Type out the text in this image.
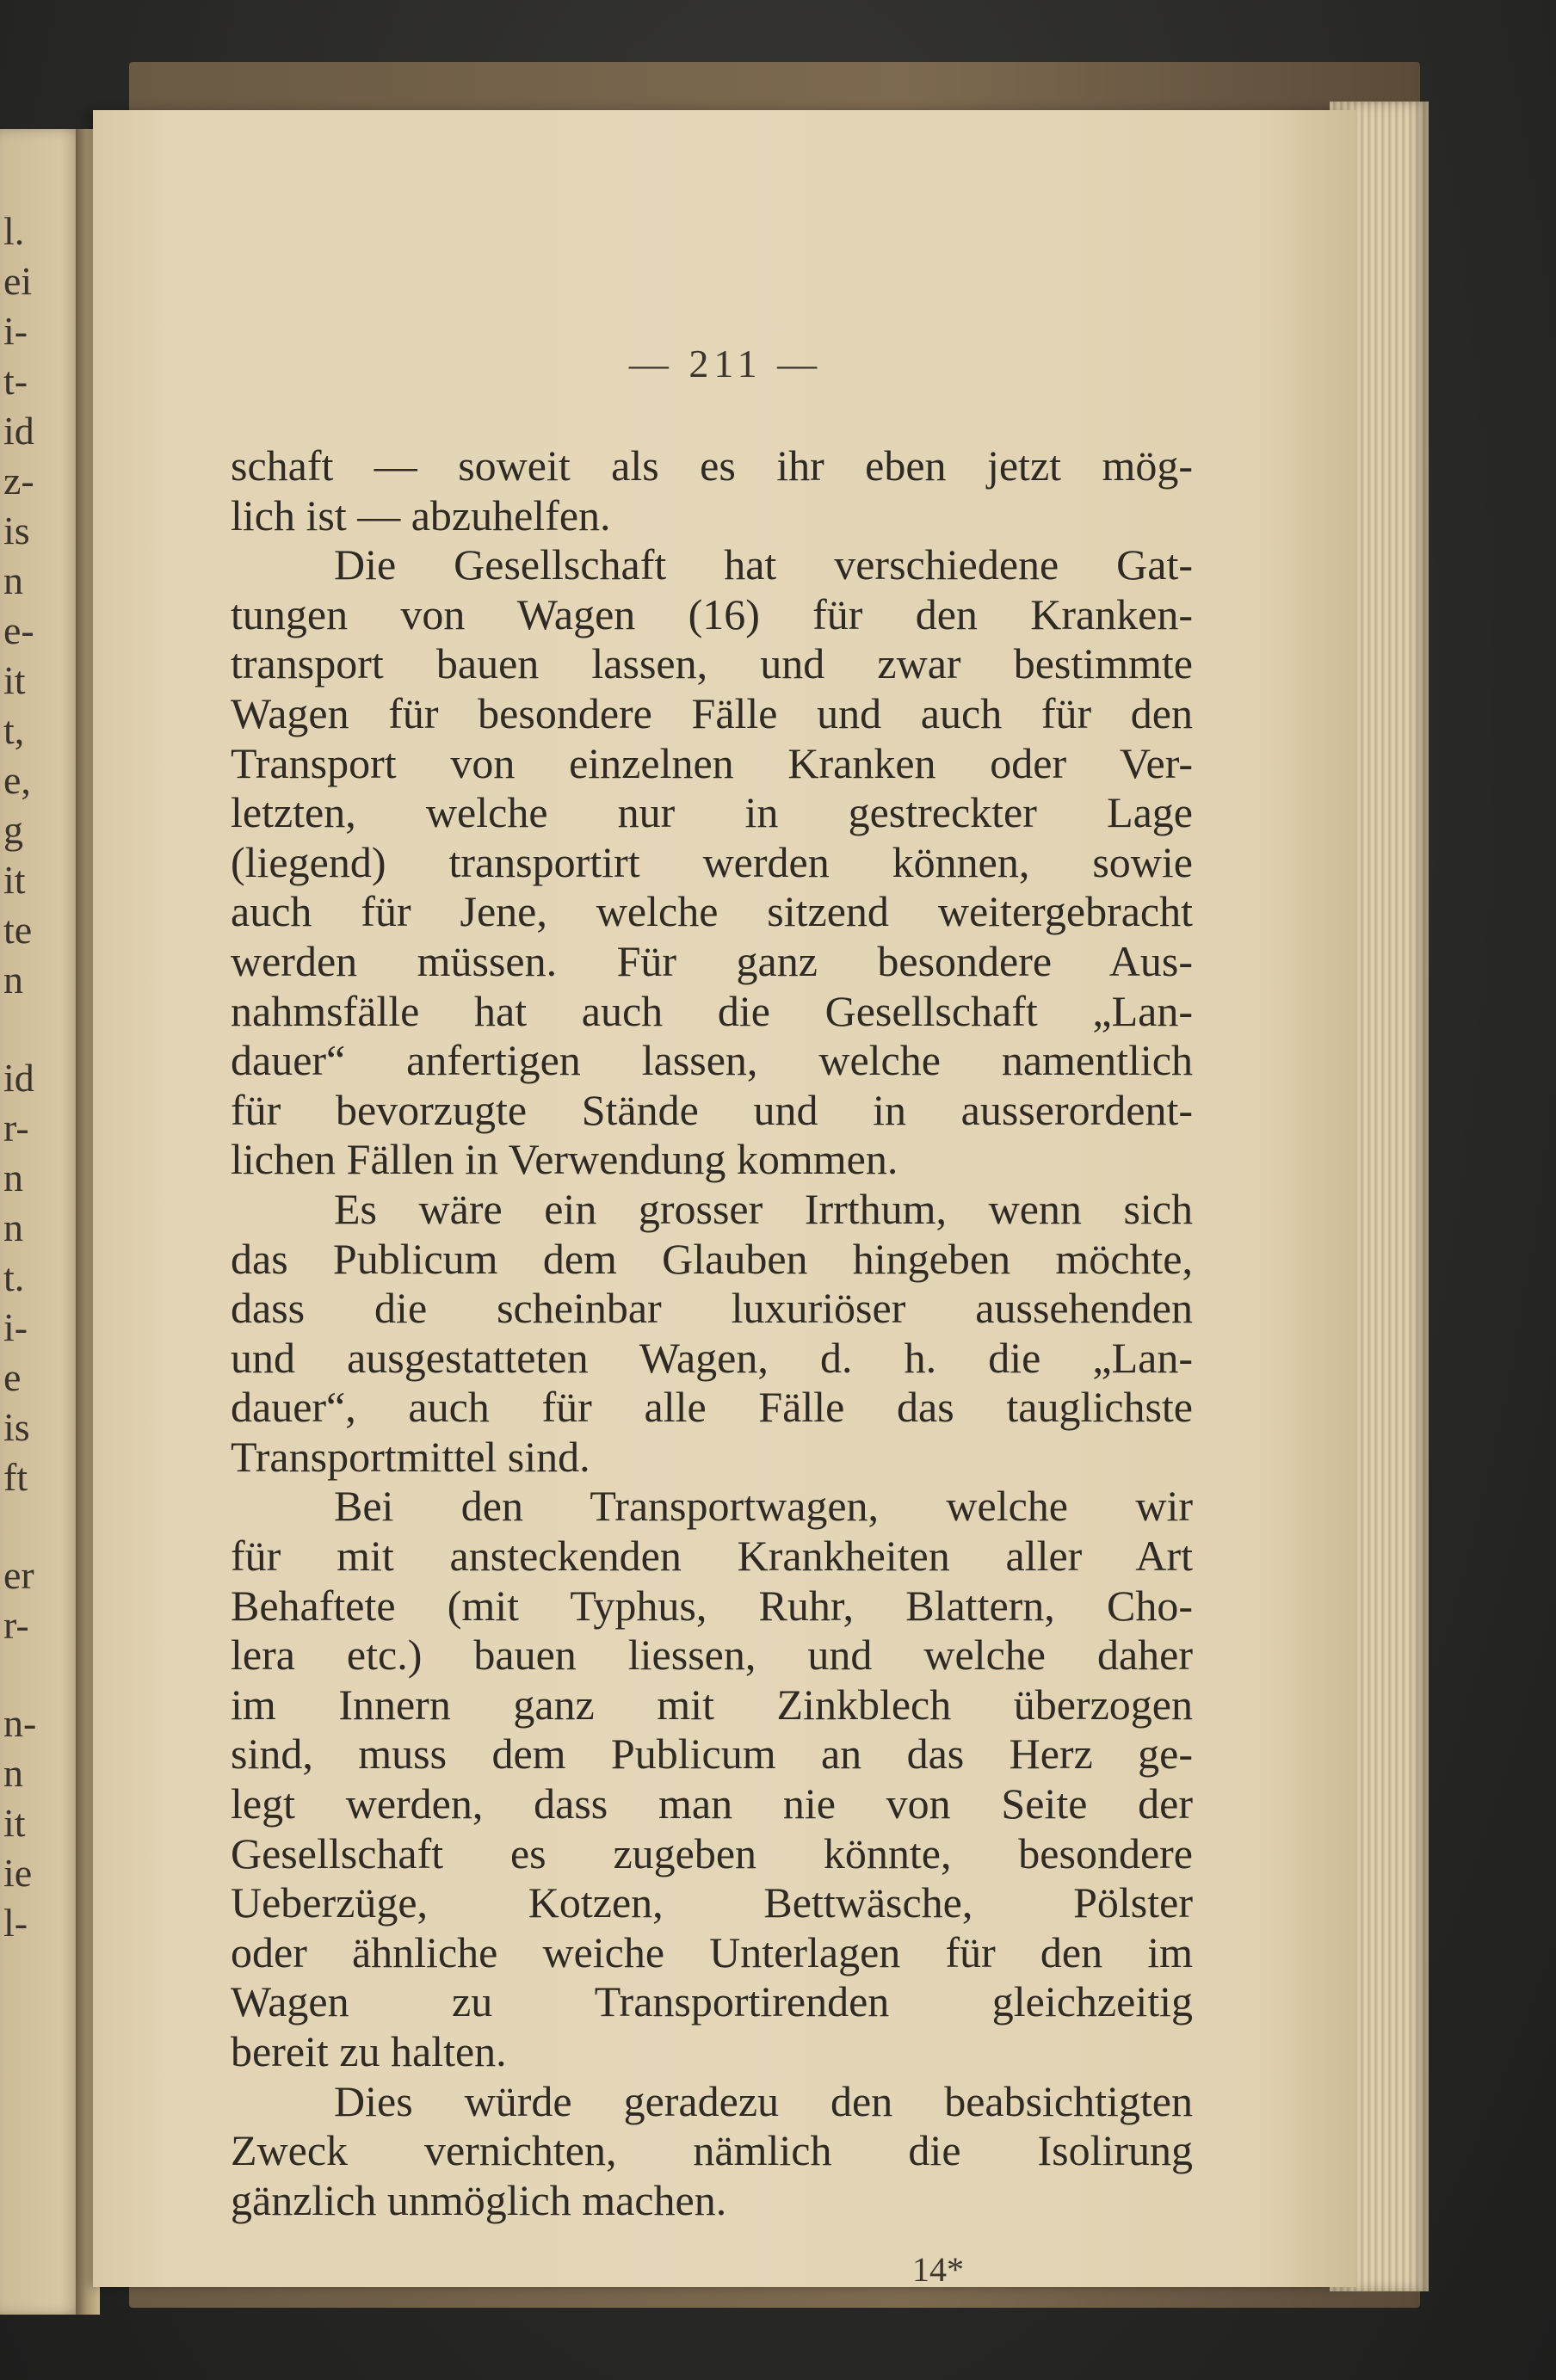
l.
ei
i-
t-
id
z-
is
n
e-
it
t,
e,
g
it
te
n
id
r-
n
n
t.
i-
e
is
ft
er
r-
n-
n
it
ie
l-
— 211 —
schaft — soweit als es ihr eben jetzt mög-
lich ist — abzuhelfen.
Die Gesellschaft hat verschiedene Gat-
tungen von Wagen (16) für den Kranken-
transport bauen lassen, und zwar bestimmte
Wagen für besondere Fälle und auch für den
Transport von einzelnen Kranken oder Ver-
letzten, welche nur in gestreckter Lage
(liegend) transportirt werden können, sowie
auch für Jene, welche sitzend weitergebracht
werden müssen. Für ganz besondere Aus-
nahmsfälle hat auch die Gesellschaft „Lan-
dauer“ anfertigen lassen, welche namentlich
für bevorzugte Stände und in ausserordent-
lichen Fällen in Verwendung kommen.
Es wäre ein grosser Irrthum, wenn sich
das Publicum dem Glauben hingeben möchte,
dass die scheinbar luxuriöser aussehenden
und ausgestatteten Wagen, d. h. die „Lan-
dauer“, auch für alle Fälle das tauglichste
Transportmittel sind.
Bei den Transportwagen, welche wir
für mit ansteckenden Krankheiten aller Art
Behaftete (mit Typhus, Ruhr, Blattern, Cho-
lera etc.) bauen liessen, und welche daher
im Innern ganz mit Zinkblech überzogen
sind, muss dem Publicum an das Herz ge-
legt werden, dass man nie von Seite der
Gesellschaft es zugeben könnte, besondere
Ueberzüge, Kotzen, Bettwäsche, Pölster
oder ähnliche weiche Unterlagen für den im
Wagen zu Transportirenden gleichzeitig
bereit zu halten.
Dies würde geradezu den beabsichtigten
Zweck vernichten, nämlich die Isolirung
gänzlich unmöglich machen.
14*
